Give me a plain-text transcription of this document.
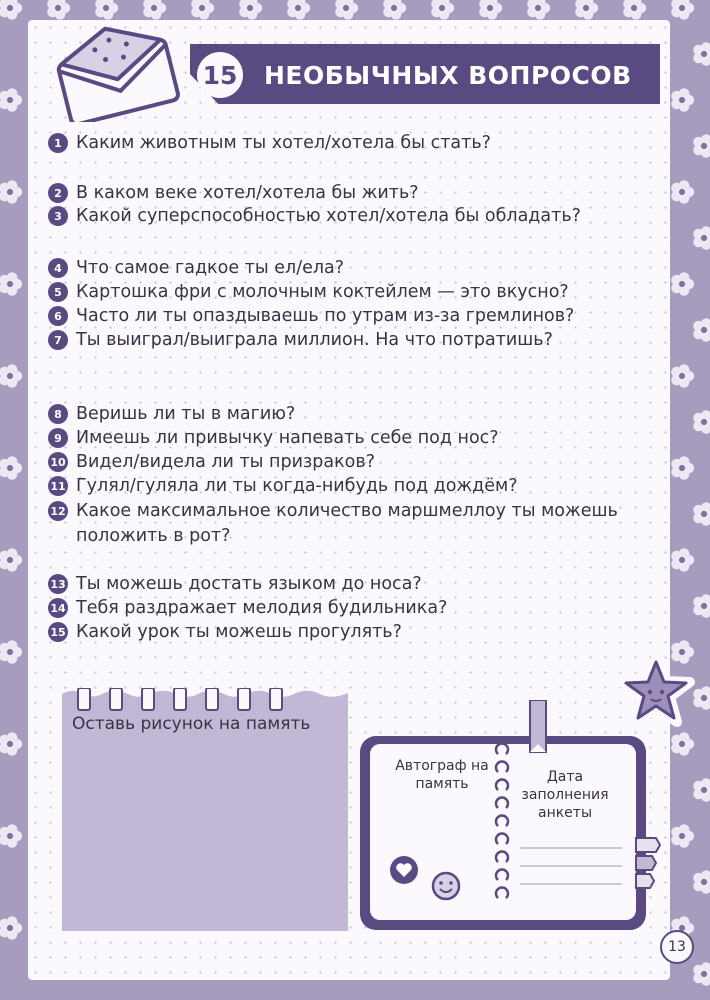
15 НЕОБЫЧНЫХ ВОПРОСОВ
1 Каким животным ты хотел/хотела бы стать?
2 В каком веке хотел/хотела бы жить?
3 Какой суперспособностью хотел/хотела бы обладать?
4 Что самое гадкое ты ел/ела?
5 Картошка фри с молочным коктейлем — это вкусно?
6 Часто ли ты опаздываешь по утрам из-за гремлинов?
7 Ты выиграл/выиграла миллион. На что потратишь?
8 Веришь ли ты в магию?
9 Имеешь ли привычку напевать себе под нос?
10 Видел/видела ли ты призраков?
11 Гулял/гуляла ли ты когда-нибудь под дождём?
12 Какое максимальное количество маршмеллоу ты можешь
положить в рот?
13 Ты можешь достать языком до носа?
14 Тебя раздражает мелодия будильника?
15 Какой урок ты можешь прогулять?
Оставь рисунок на память
Автограф на память	Дата заполнения анкеты
13
